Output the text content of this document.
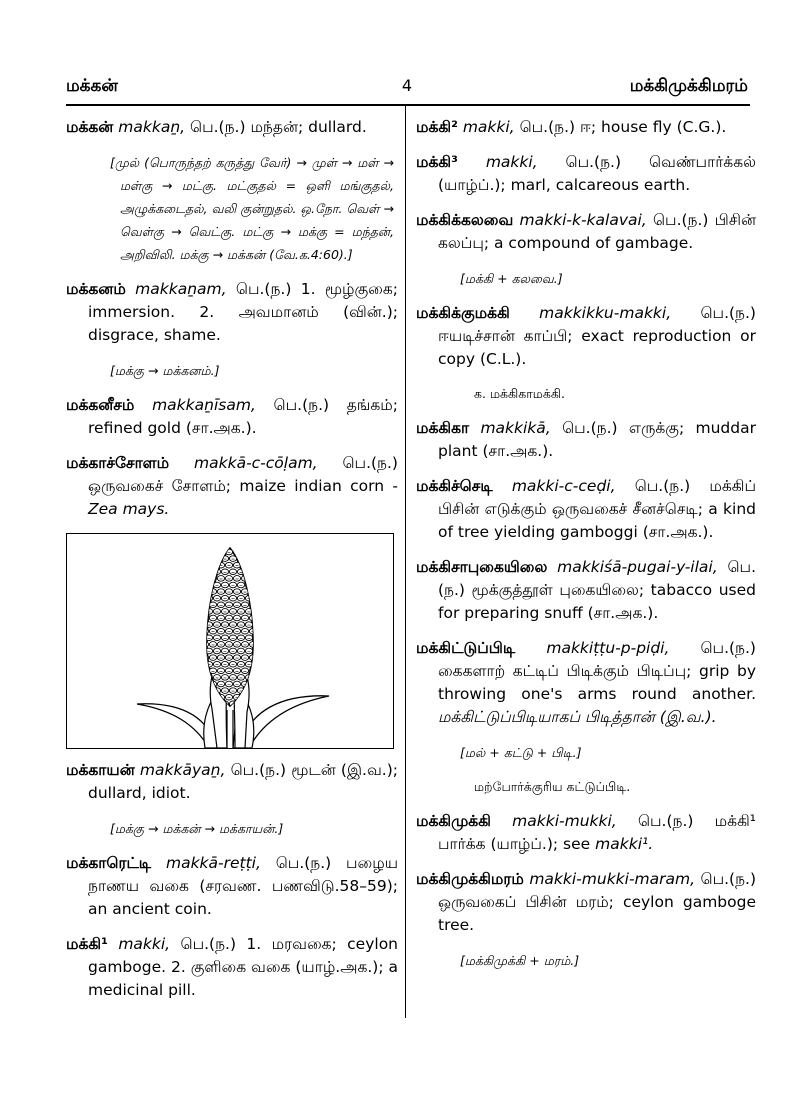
மக்கன்	4	மக்கிமுக்கிமரம்

மக்கன் makkaṉ, பெ.(ந.) மந்தன்; dullard.

[முல் (பொருந்தற் கருத்து வேர்) → முள் → மள் → மள்கு → மட்கு. மட்குதல் = ஒளி மங்குதல், அழுக்கடைதல், வலி குன்றுதல். ஒ.நோ. வெள் → வெள்கு → வெட்கு. மட்கு → மக்கு = மந்தன், அறிவிலி. மக்கு → மக்கன் (வே.க.4:60).]

மக்கனம் makkaṉam, பெ.(ந.) 1. மூழ்குகை; immersion. 2. அவமானம் (வின்.); disgrace, shame.

[மக்கு → மக்கனம்.]

மக்கனீசம் makkaṉīsam, பெ.(ந.) தங்கம்; refined gold (சா.அக.).

மக்காச்சோளம் makkā-c-cōḷam, பெ.(ந.) ஒருவகைச் சோளம்; maize indian corn - Zea mays.

மக்காயன் makkāyaṉ, பெ.(ந.) மூடன் (இ.வ.); dullard, idiot.

[மக்கு → மக்கன் → மக்காயன்.]

மக்காரெட்டி makkā-reṭṭi, பெ.(ந.) பழைய நாணய வகை (சரவண. பணவிடு.58–59); an ancient coin.

மக்கி¹ makki, பெ.(ந.) 1. மரவகை; ceylon gamboge. 2. குளிகை வகை (யாழ்.அக.); a medicinal pill.

மக்கி² makki, பெ.(ந.) ஈ; house fly (C.G.).

மக்கி³ makki, பெ.(ந.) வெண்பார்க்கல் (யாழ்ப்.); marl, calcareous earth.

மக்கிக்கலவை makki-k-kalavai, பெ.(ந.) பிசின் கலப்பு; a compound of gambage.

[மக்கி + கலவை.]

மக்கிக்குமக்கி makkikku-makki, பெ.(ந.) ஈயடிச்சான் காப்பி; exact reproduction or copy (C.L.).

க. மக்கிகாமக்கி.

மக்கிகா makkikā, பெ.(ந.) எருக்கு; muddar plant (சா.அக.).

மக்கிச்செடி makki-c-ceḍi, பெ.(ந.) மக்கிப் பிசின் எடுக்கும் ஒருவகைச் சீனச்செடி; a kind of tree yielding gamboggi (சா.அக.).

மக்கிசாபுகையிலை makkiśā-pugai-y-ilai, பெ.(ந.) மூக்குத்தூள் புகையிலை; tabacco used for preparing snuff (சா.அக.).

மக்கிட்டுப்பிடி makkiṭṭu-p-piḍi, பெ.(ந.) கைகளாற் கட்டிப் பிடிக்கும் பிடிப்பு; grip by throwing one's arms round another. மக்கிட்டுப்பிடியாகப் பிடித்தான் (இ.வ.).

[மல் + கட்டு + பிடி.]

மற்போர்க்குரிய கட்டுப்பிடி.

மக்கிமுக்கி makki-mukki, பெ.(ந.) மக்கி¹ பார்க்க (யாழ்ப்.); see makki¹.

மக்கிமுக்கிமரம் makki-mukki-maram, பெ.(ந.) ஒருவகைப் பிசின் மரம்; ceylon gamboge tree.

[மக்கிமுக்கி + மரம்.]
